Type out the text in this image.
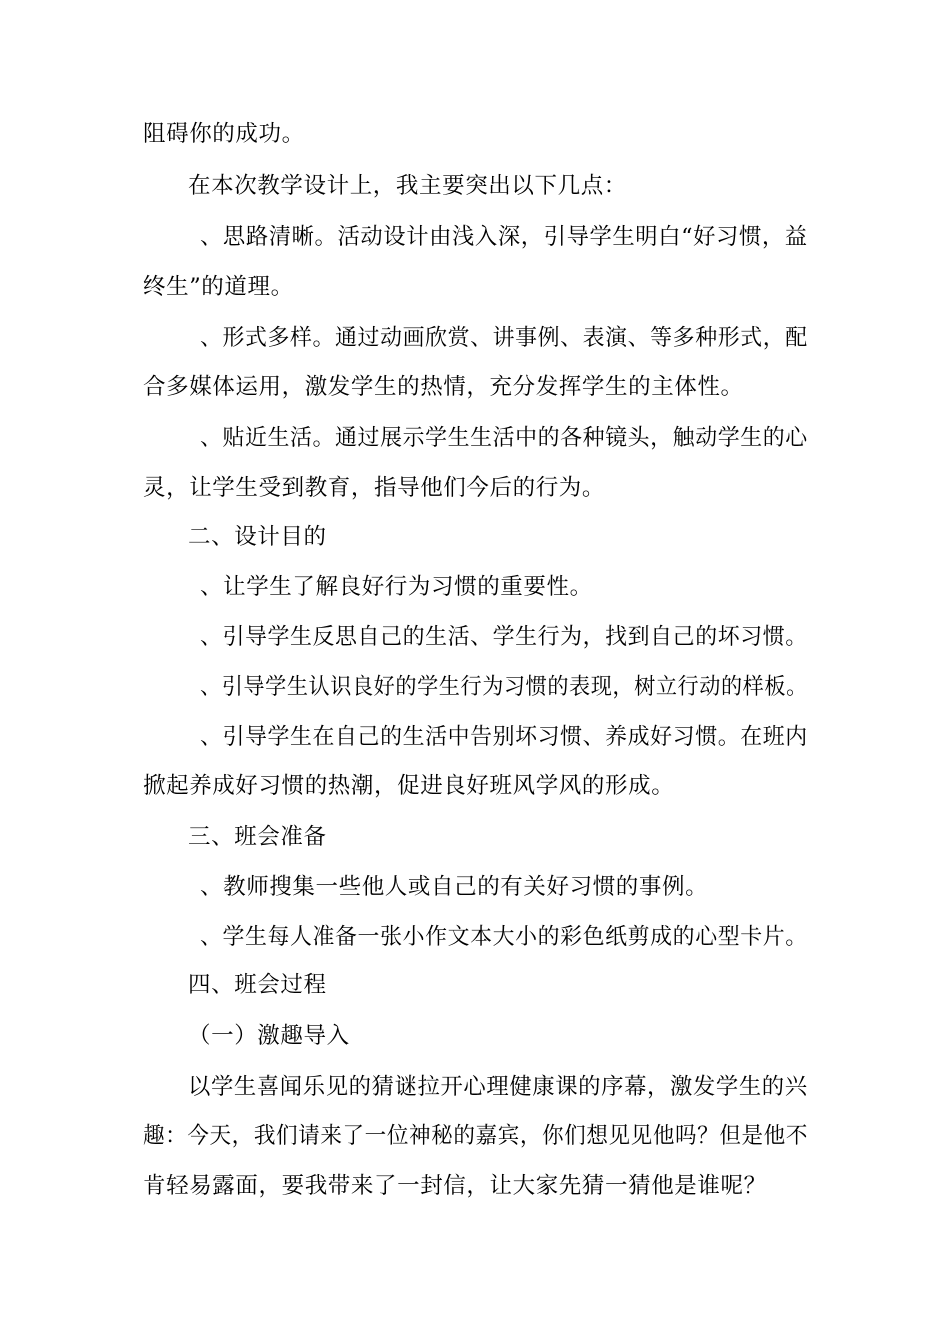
阻碍你的成功。
在本次教学设计上，我主要突出以下几点：
、思路清晰。活动设计由浅入深，引导学生明白“好习惯，益
终生”的道理。
、形式多样。通过动画欣赏、讲事例、表演、等多种形式，配
合多媒体运用，激发学生的热情，充分发挥学生的主体性。
、贴近生活。通过展示学生生活中的各种镜头，触动学生的心
灵，让学生受到教育，指导他们今后的行为。
二、设计目的
、让学生了解良好行为习惯的重要性。
、引导学生反思自己的生活、学生行为，找到自己的坏习惯。
、引导学生认识良好的学生行为习惯的表现，树立行动的样板。
、引导学生在自己的生活中告别坏习惯、养成好习惯。在班内
掀起养成好习惯的热潮，促进良好班风学风的形成。
三、班会准备
、教师搜集一些他人或自己的有关好习惯的事例。
、学生每人准备一张小作文本大小的彩色纸剪成的心型卡片。
四、班会过程
（一）激趣导入
以学生喜闻乐见的猜谜拉开心理健康课的序幕，激发学生的兴
趣：今天，我们请来了一位神秘的嘉宾，你们想见见他吗？但是他不
肯轻易露面，要我带来了一封信，让大家先猜一猜他是谁呢？
